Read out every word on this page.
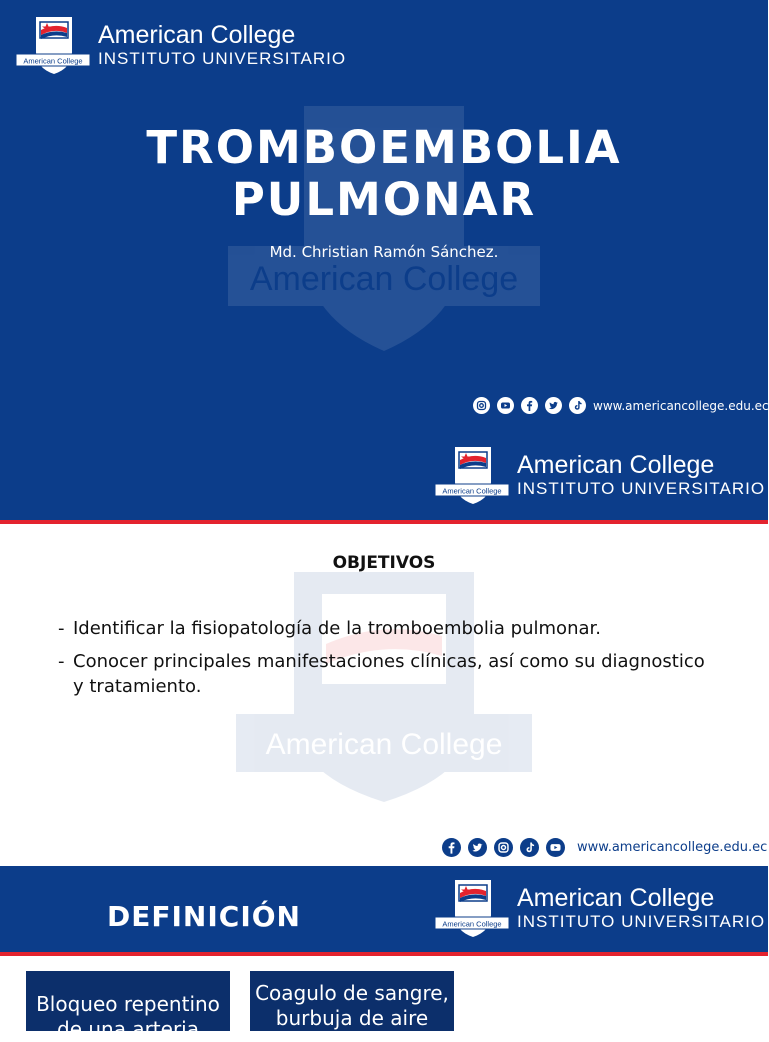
American College
American College
American College
INSTITUTO UNIVERSITARIO
TROMBOEMBOLIA
PULMONAR
Md. Christian Ramón Sánchez.
www.americancollege.edu.ec
American College
American College
INSTITUTO UNIVERSITARIO
American College
OBJETIVOS
- Identificar la fisiopatología de la tromboembolia pulmonar.
- Conocer principales manifestaciones clínicas, así como su diagnostico y tratamiento.
www.americancollege.edu.ec
DEFINICIÓN	American College
American College
INSTITUTO UNIVERSITARIO
Bloqueo repentino de una arteria
Coagulo de sangre, burbuja de aire
